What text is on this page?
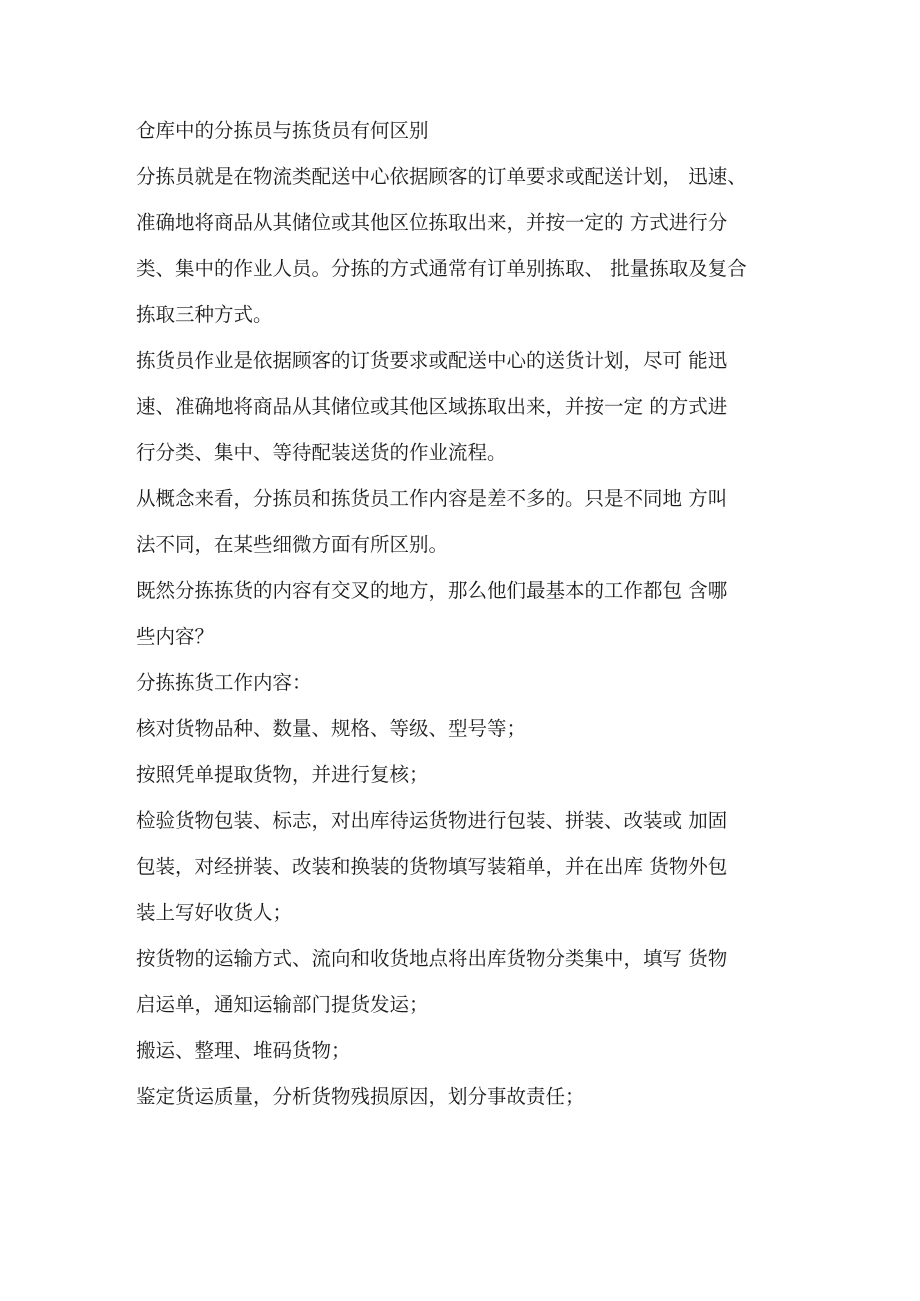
仓库中的分拣员与拣货员有何区别
分拣员就是在物流类配送中心依据顾客的订单要求或配送计划， 迅速、
准确地将商品从其储位或其他区位拣取出来，并按一定的 方式进行分
类、集中的作业人员。分拣的方式通常有订单别拣取、 批量拣取及复合
拣取三种方式。
拣货员作业是依据顾客的订货要求或配送中心的送货计划，尽可 能迅
速、准确地将商品从其储位或其他区域拣取出来，并按一定 的方式进
行分类、集中、等待配装送货的作业流程。
从概念来看，分拣员和拣货员工作内容是差不多的。只是不同地 方叫
法不同，在某些细微方面有所区别。
既然分拣拣货的内容有交叉的地方，那么他们最基本的工作都包 含哪
些内容？
分拣拣货工作内容：
核对货物品种、数量、规格、等级、型号等；
按照凭单提取货物，并进行复核；
检验货物包装、标志，对出库待运货物进行包装、拼装、改装或 加固
包装，对经拼装、改装和换装的货物填写装箱单，并在出库 货物外包
装上写好收货人；
按货物的运输方式、流向和收货地点将出库货物分类集中，填写 货物
启运单，通知运输部门提货发运；
搬运、整理、堆码货物；
鉴定货运质量，分析货物残损原因，划分事故责任；
